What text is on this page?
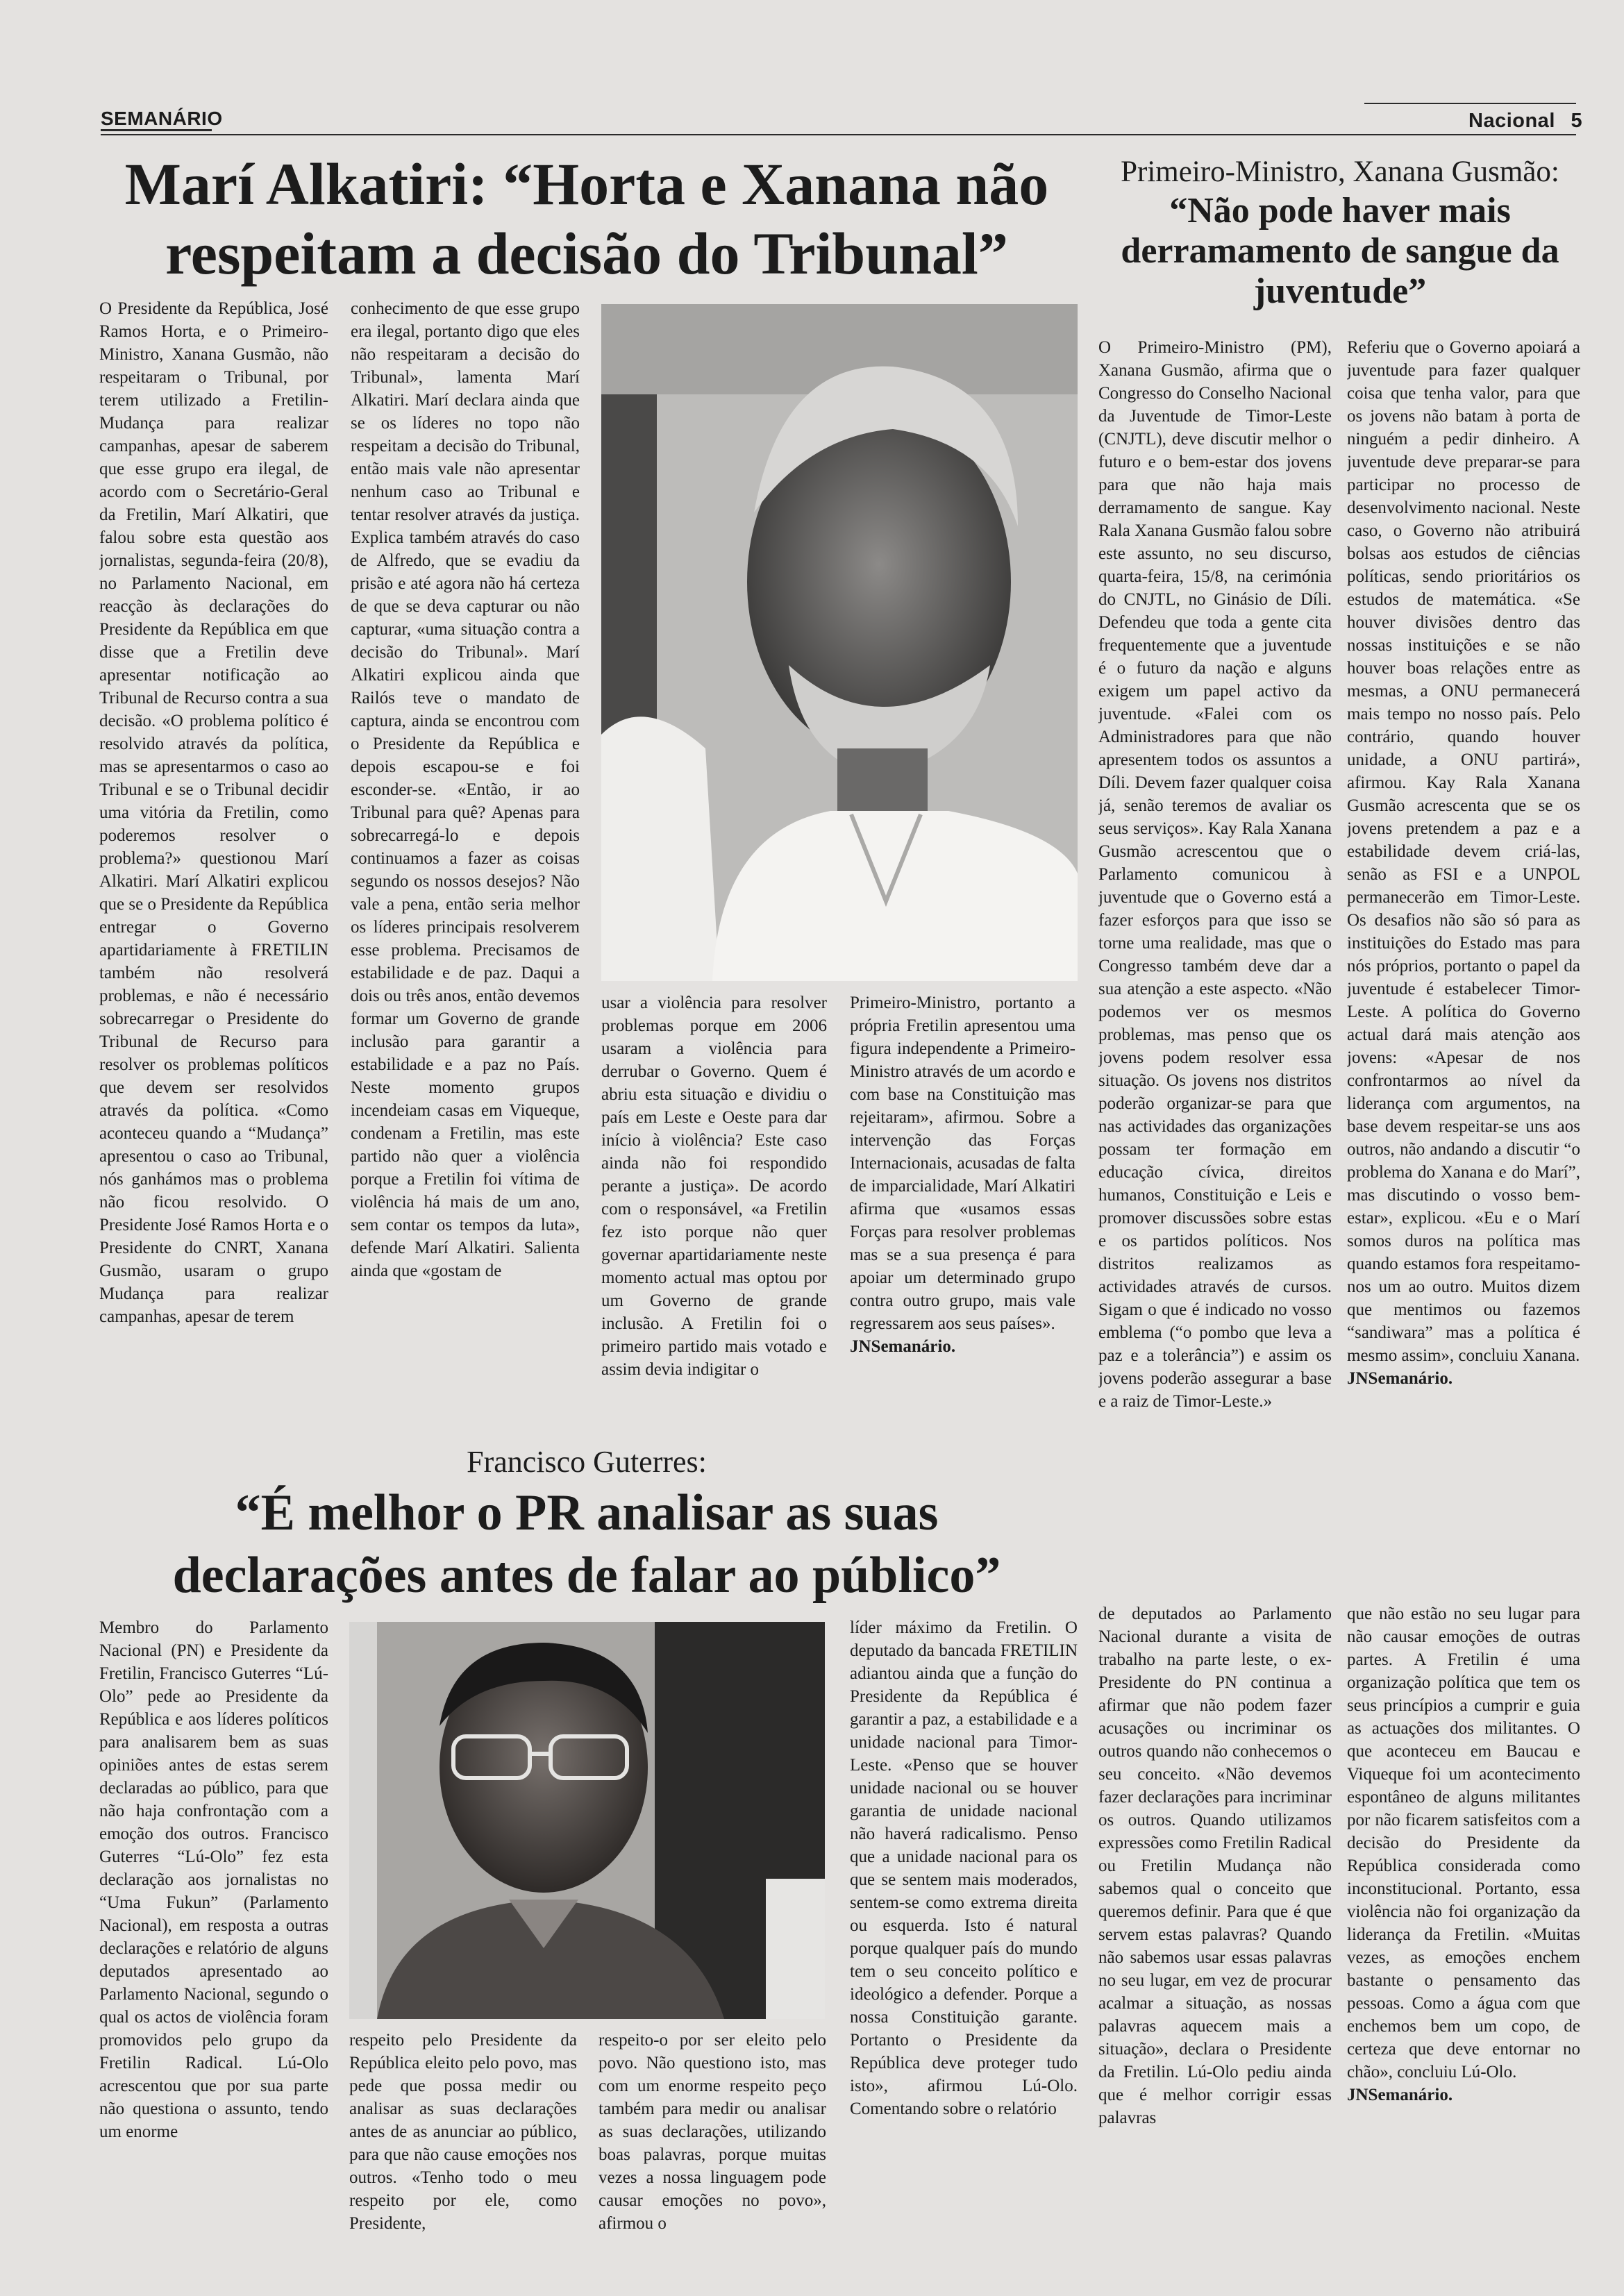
SEMANÁRIO	Nacional 5
Marí Alkatiri: “Horta e Xanana não
respeitam a decisão do Tribunal”
O Presidente da República, José Ramos Horta, e o Primeiro-Ministro, Xanana Gusmão, não respeitaram o Tribunal, por terem utilizado a Fretilin-Mudança para realizar campanhas, apesar de saberem que esse grupo era ilegal, de acordo com o Secretário-Geral da Fretilin, Marí Alkatiri, que falou sobre esta questão aos jornalistas, segunda-feira (20/8), no Parlamento Nacional, em reacção às declarações do Presidente da República em que disse que a Fretilin deve apresentar notificação ao Tribunal de Recurso contra a sua decisão. «O problema político é resolvido através da política, mas se apresentarmos o caso ao Tribunal e se o Tribunal decidir uma vitória da Fretilin, como poderemos resolver o problema?» questionou Marí Alkatiri. Marí Alkatiri explicou que se o Presidente da República entregar o Governo apartidariamente à FRETILIN também não resolverá problemas, e não é necessário sobrecarregar o Presidente do Tribunal de Recurso para resolver os problemas políticos que devem ser resolvidos através da política. «Como aconteceu quando a “Mudança” apresentou o caso ao Tribunal, nós ganhámos mas o problema não ficou resolvido. O Presidente José Ramos Horta e o Presidente do CNRT, Xanana Gusmão, usaram o grupo Mudança para realizar campanhas, apesar de terem
conhecimento de que esse grupo era ilegal, portanto digo que eles não respeitaram a decisão do Tribunal», lamenta Marí Alkatiri. Marí declara ainda que se os líderes no topo não respeitam a decisão do Tribunal, então mais vale não apresentar nenhum caso ao Tribunal e tentar resolver através da justiça. Explica também através do caso de Alfredo, que se evadiu da prisão e até agora não há certeza de que se deva capturar ou não capturar, «uma situação contra a decisão do Tribunal». Marí Alkatiri explicou ainda que Railós teve o mandato de captura, ainda se encontrou com o Presidente da República e depois escapou-se e foi esconder-se. «Então, ir ao Tribunal para quê? Apenas para sobrecarregá-lo e depois continuamos a fazer as coisas segundo os nossos desejos? Não vale a pena, então seria melhor os líderes principais resolverem esse problema. Precisamos de estabilidade e de paz. Daqui a dois ou três anos, então devemos formar um Governo de grande inclusão para garantir a estabilidade e a paz no País. Neste momento grupos incendeiam casas em Viqueque, condenam a Fretilin, mas este partido não quer a violência porque a Fretilin foi vítima de violência há mais de um ano, sem contar os tempos da luta», defende Marí Alkatiri. Salienta ainda que «gostam de
usar a violência para resolver problemas porque em 2006 usaram a violência para derrubar o Governo. Quem é abriu esta situação e dividiu o país em Leste e Oeste para dar início à violência? Este caso ainda não foi respondido perante a justiça». De acordo com o responsável, «a Fretilin fez isto porque não quer governar apartidariamente neste momento actual mas optou por um Governo de grande inclusão. A Fretilin foi o primeiro partido mais votado e assim devia indigitar o
Primeiro-Ministro, portanto a própria Fretilin apresentou uma figura independente a Primeiro-Ministro através de um acordo e com base na Constituição mas rejeitaram», afirmou. Sobre a intervenção das Forças Internacionais, acusadas de falta de imparcialidade, Marí Alkatiri afirma que «usamos essas Forças para resolver problemas mas se a sua presença é para apoiar um determinado grupo contra outro grupo, mais vale regressarem aos seus países».

JNSemanário.

Primeiro-Ministro, Xanana Gusmão:
“Não pode haver mais
derramamento de sangue da
juventude”
O Primeiro-Ministro (PM), Xanana Gusmão, afirma que o Congresso do Conselho Nacional da Juventude de Timor-Leste (CNJTL), deve discutir melhor o futuro e o bem-estar dos jovens para que não haja mais derramamento de sangue. Kay Rala Xanana Gusmão falou sobre este assunto, no seu discurso, quarta-feira, 15/8, na cerimónia do CNJTL, no Ginásio de Díli. Defendeu que toda a gente cita frequentemente que a juventude é o futuro da nação e alguns exigem um papel activo da juventude. «Falei com os Administradores para que não apresentem todos os assuntos a Díli. Devem fazer qualquer coisa já, senão teremos de avaliar os seus serviços». Kay Rala Xanana Gusmão acrescentou que o Parlamento comunicou à juventude que o Governo está a fazer esforços para que isso se torne uma realidade, mas que o Congresso também deve dar a sua atenção a este aspecto. «Não podemos ver os mesmos problemas, mas penso que os jovens podem resolver essa situação. Os jovens nos distritos poderão organizar-se para que nas actividades das organizações possam ter formação em educação cívica, direitos humanos, Constituição e Leis e promover discussões sobre estas e os partidos políticos. Nos distritos realizamos as actividades através de cursos. Sigam o que é indicado no vosso emblema (“o pombo que leva a paz e a tolerância”) e assim os jovens poderão assegurar a base e a raiz de Timor-Leste.»
Referiu que o Governo apoiará a juventude para fazer qualquer coisa que tenha valor, para que os jovens não batam à porta de ninguém a pedir dinheiro. A juventude deve preparar-se para participar no processo de desenvolvimento nacional. Neste caso, o Governo não atribuirá bolsas aos estudos de ciências políticas, sendo prioritários os estudos de matemática. «Se houver divisões dentro das nossas instituições e se não houver boas relações entre as mesmas, a ONU permanecerá mais tempo no nosso país. Pelo contrário, quando houver unidade, a ONU partirá», afirmou. Kay Rala Xanana Gusmão acrescenta que se os jovens pretendem a paz e a estabilidade devem criá-las, senão as FSI e a UNPOL permanecerão em Timor-Leste. Os desafios não são só para as instituições do Estado mas para nós próprios, portanto o papel da juventude é estabelecer Timor-Leste. A política do Governo actual dará mais atenção aos jovens: «Apesar de nos confrontarmos ao nível da liderança com argumentos, na base devem respeitar-se uns aos outros, não andando a discutir “o problema do Xanana e do Marí”, mas discutindo o vosso bem-estar», explicou. «Eu e o Marí somos duros na política mas quando estamos fora respeitamo-nos um ao outro. Muitos dizem que mentimos ou fazemos “sandiwara” mas a política é mesmo assim», concluiu Xanana.

JNSemanário.

Francisco Guterres:
“É melhor o PR analisar as suas
declarações antes de falar ao público”
Membro do Parlamento Nacional (PN) e Presidente da Fretilin, Francisco Guterres “Lú-Olo” pede ao Presidente da República e aos líderes políticos para analisarem bem as suas opiniões antes de estas serem declaradas ao público, para que não haja confrontação com a emoção dos outros. Francisco Guterres “Lú-Olo” fez esta declaração aos jornalistas no “Uma Fukun” (Parlamento Nacional), em resposta a outras declarações e relatório de alguns deputados apresentado ao Parlamento Nacional, segundo o qual os actos de violência foram promovidos pelo grupo da Fretilin Radical. Lú-Olo acrescentou que por sua parte não questiona o assunto, tendo um enorme
respeito pelo Presidente da República eleito pelo povo, mas pede que possa medir ou analisar as suas declarações antes de as anunciar ao público, para que não cause emoções nos outros. «Tenho todo o meu respeito por ele, como Presidente,
respeito-o por ser eleito pelo povo. Não questiono isto, mas com um enorme respeito peço também para medir ou analisar as suas declarações, utilizando boas palavras, porque muitas vezes a nossa linguagem pode causar emoções no povo», afirmou o
líder máximo da Fretilin. O deputado da bancada FRETILIN adiantou ainda que a função do Presidente da República é garantir a paz, a estabilidade e a unidade nacional para Timor-Leste. «Penso que se houver unidade nacional ou se houver garantia de unidade nacional não haverá radicalismo. Penso que a unidade nacional para os que se sentem mais moderados, sentem-se como extrema direita ou esquerda. Isto é natural porque qualquer país do mundo tem o seu conceito político e ideológico a defender. Porque a nossa Constituição garante. Portanto o Presidente da República deve proteger tudo isto», afirmou Lú-Olo. Comentando sobre o relatório
de deputados ao Parlamento Nacional durante a visita de trabalho na parte leste, o ex-Presidente do PN continua a afirmar que não podem fazer acusações ou incriminar os outros quando não conhecemos o seu conceito. «Não devemos fazer declarações para incriminar os outros. Quando utilizamos expressões como Fretilin Radical ou Fretilin Mudança não sabemos qual o conceito que queremos definir. Para que é que servem estas palavras? Quando não sabemos usar essas palavras no seu lugar, em vez de procurar acalmar a situação, as nossas palavras aquecem mais a situação», declara o Presidente da Fretilin. Lú-Olo pediu ainda que é melhor corrigir essas palavras
que não estão no seu lugar para não causar emoções de outras partes. A Fretilin é uma organização política que tem os seus princípios a cumprir e guia as actuações dos militantes. O que aconteceu em Baucau e Viqueque foi um acontecimento espontâneo de alguns militantes por não ficarem satisfeitos com a decisão do Presidente da República considerada como inconstitucional. Portanto, essa violência não foi organização da liderança da Fretilin. «Muitas vezes, as emoções enchem bastante o pensamento das pessoas. Como a água com que enchemos bem um copo, de certeza que deve entornar no chão», concluiu Lú-Olo.

JNSemanário.
